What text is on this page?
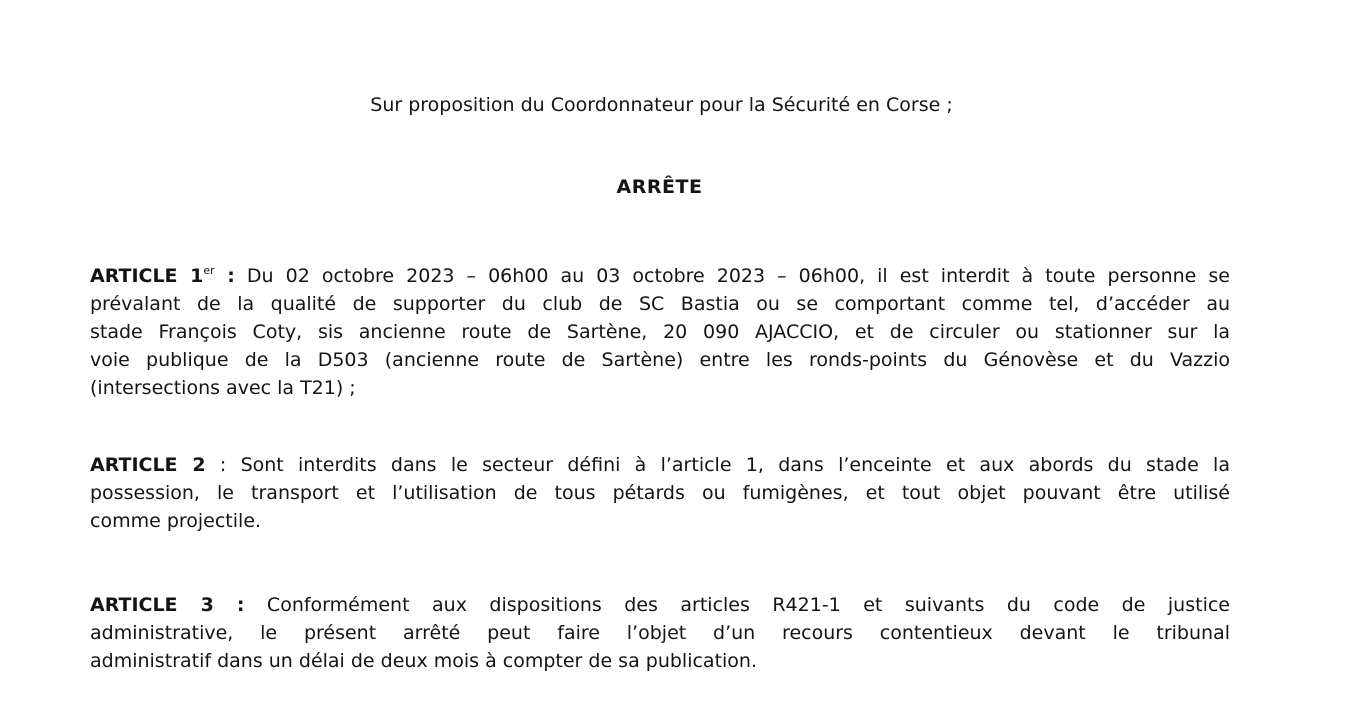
Sur proposition du Coordonnateur pour la Sécurité en Corse ;
ARRÊTE
ARTICLE 1er : Du 02 octobre 2023 – 06h00 au 03 octobre 2023 – 06h00, il est interdit à toute personne se
prévalant de la qualité de supporter du club de SC Bastia ou se comportant comme tel, d’accéder au
stade François Coty, sis ancienne route de Sartène, 20 090 AJACCIO, et de circuler ou stationner sur la
voie publique de la D503 (ancienne route de Sartène) entre les ronds-points du Génovèse et du Vazzio
(intersections avec la T21) ;
ARTICLE 2 : Sont interdits dans le secteur défini à l’article 1, dans l’enceinte et aux abords du stade la
possession, le transport et l’utilisation de tous pétards ou fumigènes, et tout objet pouvant être utilisé
comme projectile.
ARTICLE 3 : Conformément aux dispositions des articles R421-1 et suivants du code de justice
administrative, le présent arrêté peut faire l’objet d’un recours contentieux devant le tribunal
administratif dans un délai de deux mois à compter de sa publication.
